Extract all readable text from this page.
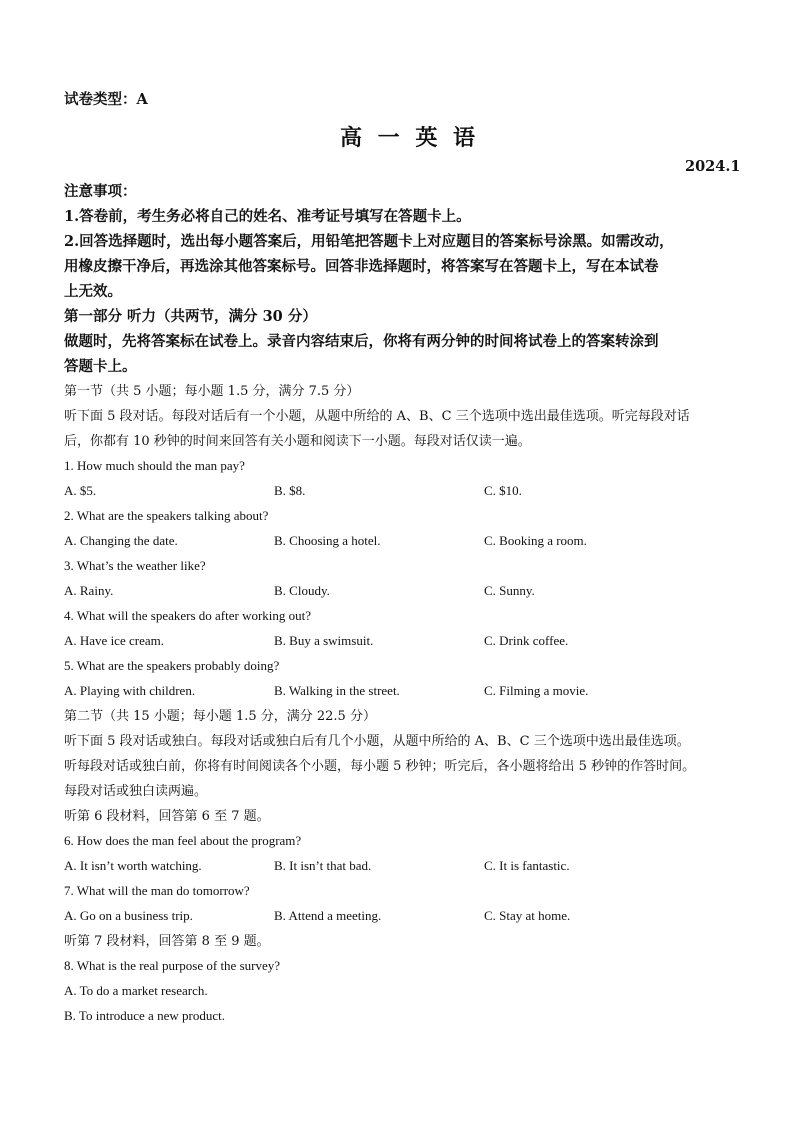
试卷类型：A
高 一 英 语
2024.1
注意事项：
1.答卷前，考生务必将自己的姓名、准考证号填写在答题卡上。
2.回答选择题时，选出每小题答案后，用铅笔把答题卡上对应题目的答案标号涂黑。如需改动，
用橡皮擦干净后，再选涂其他答案标号。回答非选择题时，将答案写在答题卡上，写在本试卷
上无效。
第一部分 听力（共两节，满分 30 分）
做题时，先将答案标在试卷上。录音内容结束后，你将有两分钟的时间将试卷上的答案转涂到
答题卡上。
第一节（共 5 小题；每小题 1.5 分，满分 7.5 分）
听下面 5 段对话。每段对话后有一个小题，从题中所给的 A、B、C 三个选项中选出最佳选项。听完每段对话
后，你都有 10 秒钟的时间来回答有关小题和阅读下一小题。每段对话仅读一遍。
1. How much should the man pay?
A. $5.	B. $8.	C. $10.
2. What are the speakers talking about?
A. Changing the date.	B. Choosing a hotel.	C. Booking a room.
3. What’s the weather like?
A. Rainy.	B. Cloudy.	C. Sunny.
4. What will the speakers do after working out?
A. Have ice cream.	B. Buy a swimsuit.	C. Drink coffee.
5. What are the speakers probably doing?
A. Playing with children.	B. Walking in the street.	C. Filming a movie.
第二节（共 15 小题；每小题 1.5 分，满分 22.5 分）
听下面 5 段对话或独白。每段对话或独白后有几个小题，从题中所给的 A、B、C 三个选项中选出最佳选项。
听每段对话或独白前，你将有时间阅读各个小题，每小题 5 秒钟；听完后，各小题将给出 5 秒钟的作答时间。
每段对话或独白读两遍。
听第 6 段材料，回答第 6 至 7 题。
6. How does the man feel about the program?
A. It isn’t worth watching.	B. It isn’t that bad.	C. It is fantastic.
7. What will the man do tomorrow?
A. Go on a business trip.	B. Attend a meeting.	C. Stay at home.
听第 7 段材料，回答第 8 至 9 题。
8. What is the real purpose of the survey?
A. To do a market research.
B. To introduce a new product.
